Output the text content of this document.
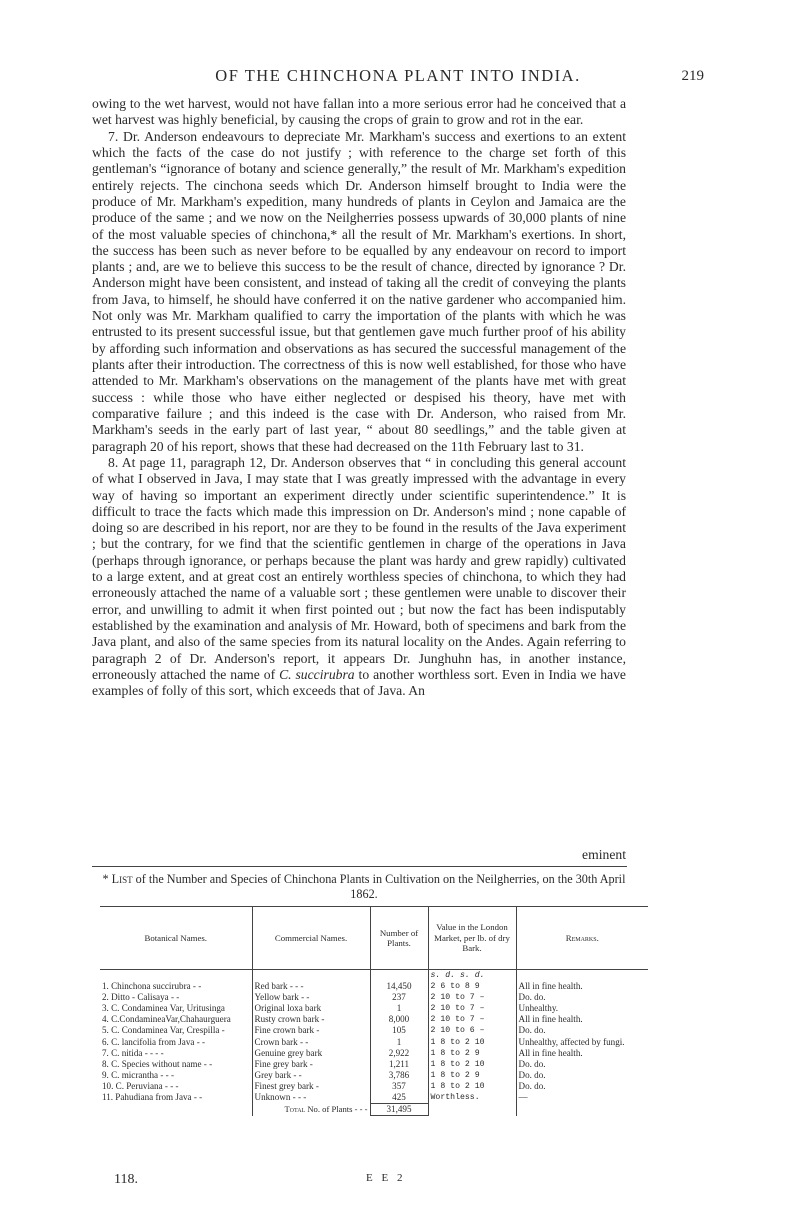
OF THE CHINCHONA PLANT INTO INDIA.	219

owing to the wet harvest, would not have fallan into a more serious error had he conceived that a wet harvest was highly beneficial, by causing the crops of grain to grow and rot in the ear.

7. Dr. Anderson endeavours to depreciate Mr. Markham's success and exertions to an extent which the facts of the case do not justify ; with reference to the charge set forth of this gentleman's “ignorance of botany and science generally,” the result of Mr. Markham's expedition entirely rejects. The cinchona seeds which Dr. Anderson himself brought to India were the produce of Mr. Markham's expedition, many hundreds of plants in Ceylon and Jamaica are the produce of the same ; and we now on the Neilgherries possess upwards of 30,000 plants of nine of the most valuable species of chinchona,* all the result of Mr. Markham's exertions. In short, the success has been such as never before to be equalled by any endeavour on record to import plants ; and, are we to believe this success to be the result of chance, directed by ignorance ? Dr. Anderson might have been consistent, and instead of taking all the credit of conveying the plants from Java, to himself, he should have conferred it on the native gardener who accompanied him. Not only was Mr. Markham qualified to carry the importation of the plants with which he was entrusted to its present successful issue, but that gentlemen gave much further proof of his ability by affording such information and observations as has secured the successful management of the plants after their introduction. The correctness of this is now well established, for those who have attended to Mr. Markham's observations on the management of the plants have met with great success : while those who have either neglected or despised his theory, have met with comparative failure ; and this indeed is the case with Dr. Anderson, who raised from Mr. Markham's seeds in the early part of last year, “ about 80 seedlings,” and the table given at paragraph 20 of his report, shows that these had decreased on the 11th February last to 31.

8. At page 11, paragraph 12, Dr. Anderson observes that “ in concluding this general account of what I observed in Java, I may state that I was greatly impressed with the advantage in every way of having so important an experiment directly under scientific superintendence.” It is difficult to trace the facts which made this impression on Dr. Anderson's mind ; none capable of doing so are described in his report, nor are they to be found in the results of the Java experiment ; but the contrary, for we find that the scientific gentlemen in charge of the operations in Java (perhaps through ignorance, or perhaps because the plant was hardy and grew rapidly) cultivated to a large extent, and at great cost an entirely worthless species of chinchona, to which they had erroneously attached the name of a valuable sort ; these gentlemen were unable to discover their error, and unwilling to admit it when first pointed out ; but now the fact has been indisputably established by the examination and analysis of Mr. Howard, both of specimens and bark from the Java plant, and also of the same species from its natural locality on the Andes. Again referring to paragraph 2 of Dr. Anderson's report, it appears Dr. Junghuhn has, in another instance, erroneously attached the name of C. succirubra to another worthless sort. Even in India we have examples of folly of this sort, which exceeds that of Java. An

eminent
* List of the Number and Species of Chinchona Plants in Cultivation on the Neilgherries, on the 30th April 1862.
Botanical Names.	Commercial Names.	Number of Plants.	Value in the London Market, per lb. of dry Bark.	Remarks.
			s. d. s. d.	
1. Chinchona succirubra - -	Red bark - - -	14,450	2 6 to 8 9	All in fine health.
2. Ditto - Calisaya - -	Yellow bark - -	237	2 10 to 7 –	Do. do.
3. C. Condaminea Var, Uritusinga	Original loxa bark	1	2 10 to 7 –	Unhealthy.
4. C.CondamineaVar,Chahaurguera	Rusty crown bark -	8,000	2 10 to 7 –	All in fine health.
5. C. Condaminea Var, Crespilla -	Fine crown bark -	105	2 10 to 6 –	Do. do.
6. C. lancifolia from Java - -	Crown bark - -	1	1 8 to 2 10	Unhealthy, affected by fungi.
7. C. nitida - - - -	Genuine grey bark	2,922	1 8 to 2 9	All in fine health.
8. C. Species without name - -	Fine grey bark -	1,211	1 8 to 2 10	Do. do.
9. C. micrantha - - -	Grey bark - -	3,786	1 8 to 2 9	Do. do.
10. C. Peruviana - - -	Finest grey bark -	357	1 8 to 2 10	Do. do.
11. Pahudiana from Java - -	Unknown - - -	425	Worthless.	—
	Total No. of Plants - - -	31,495		
118.	E E 2
